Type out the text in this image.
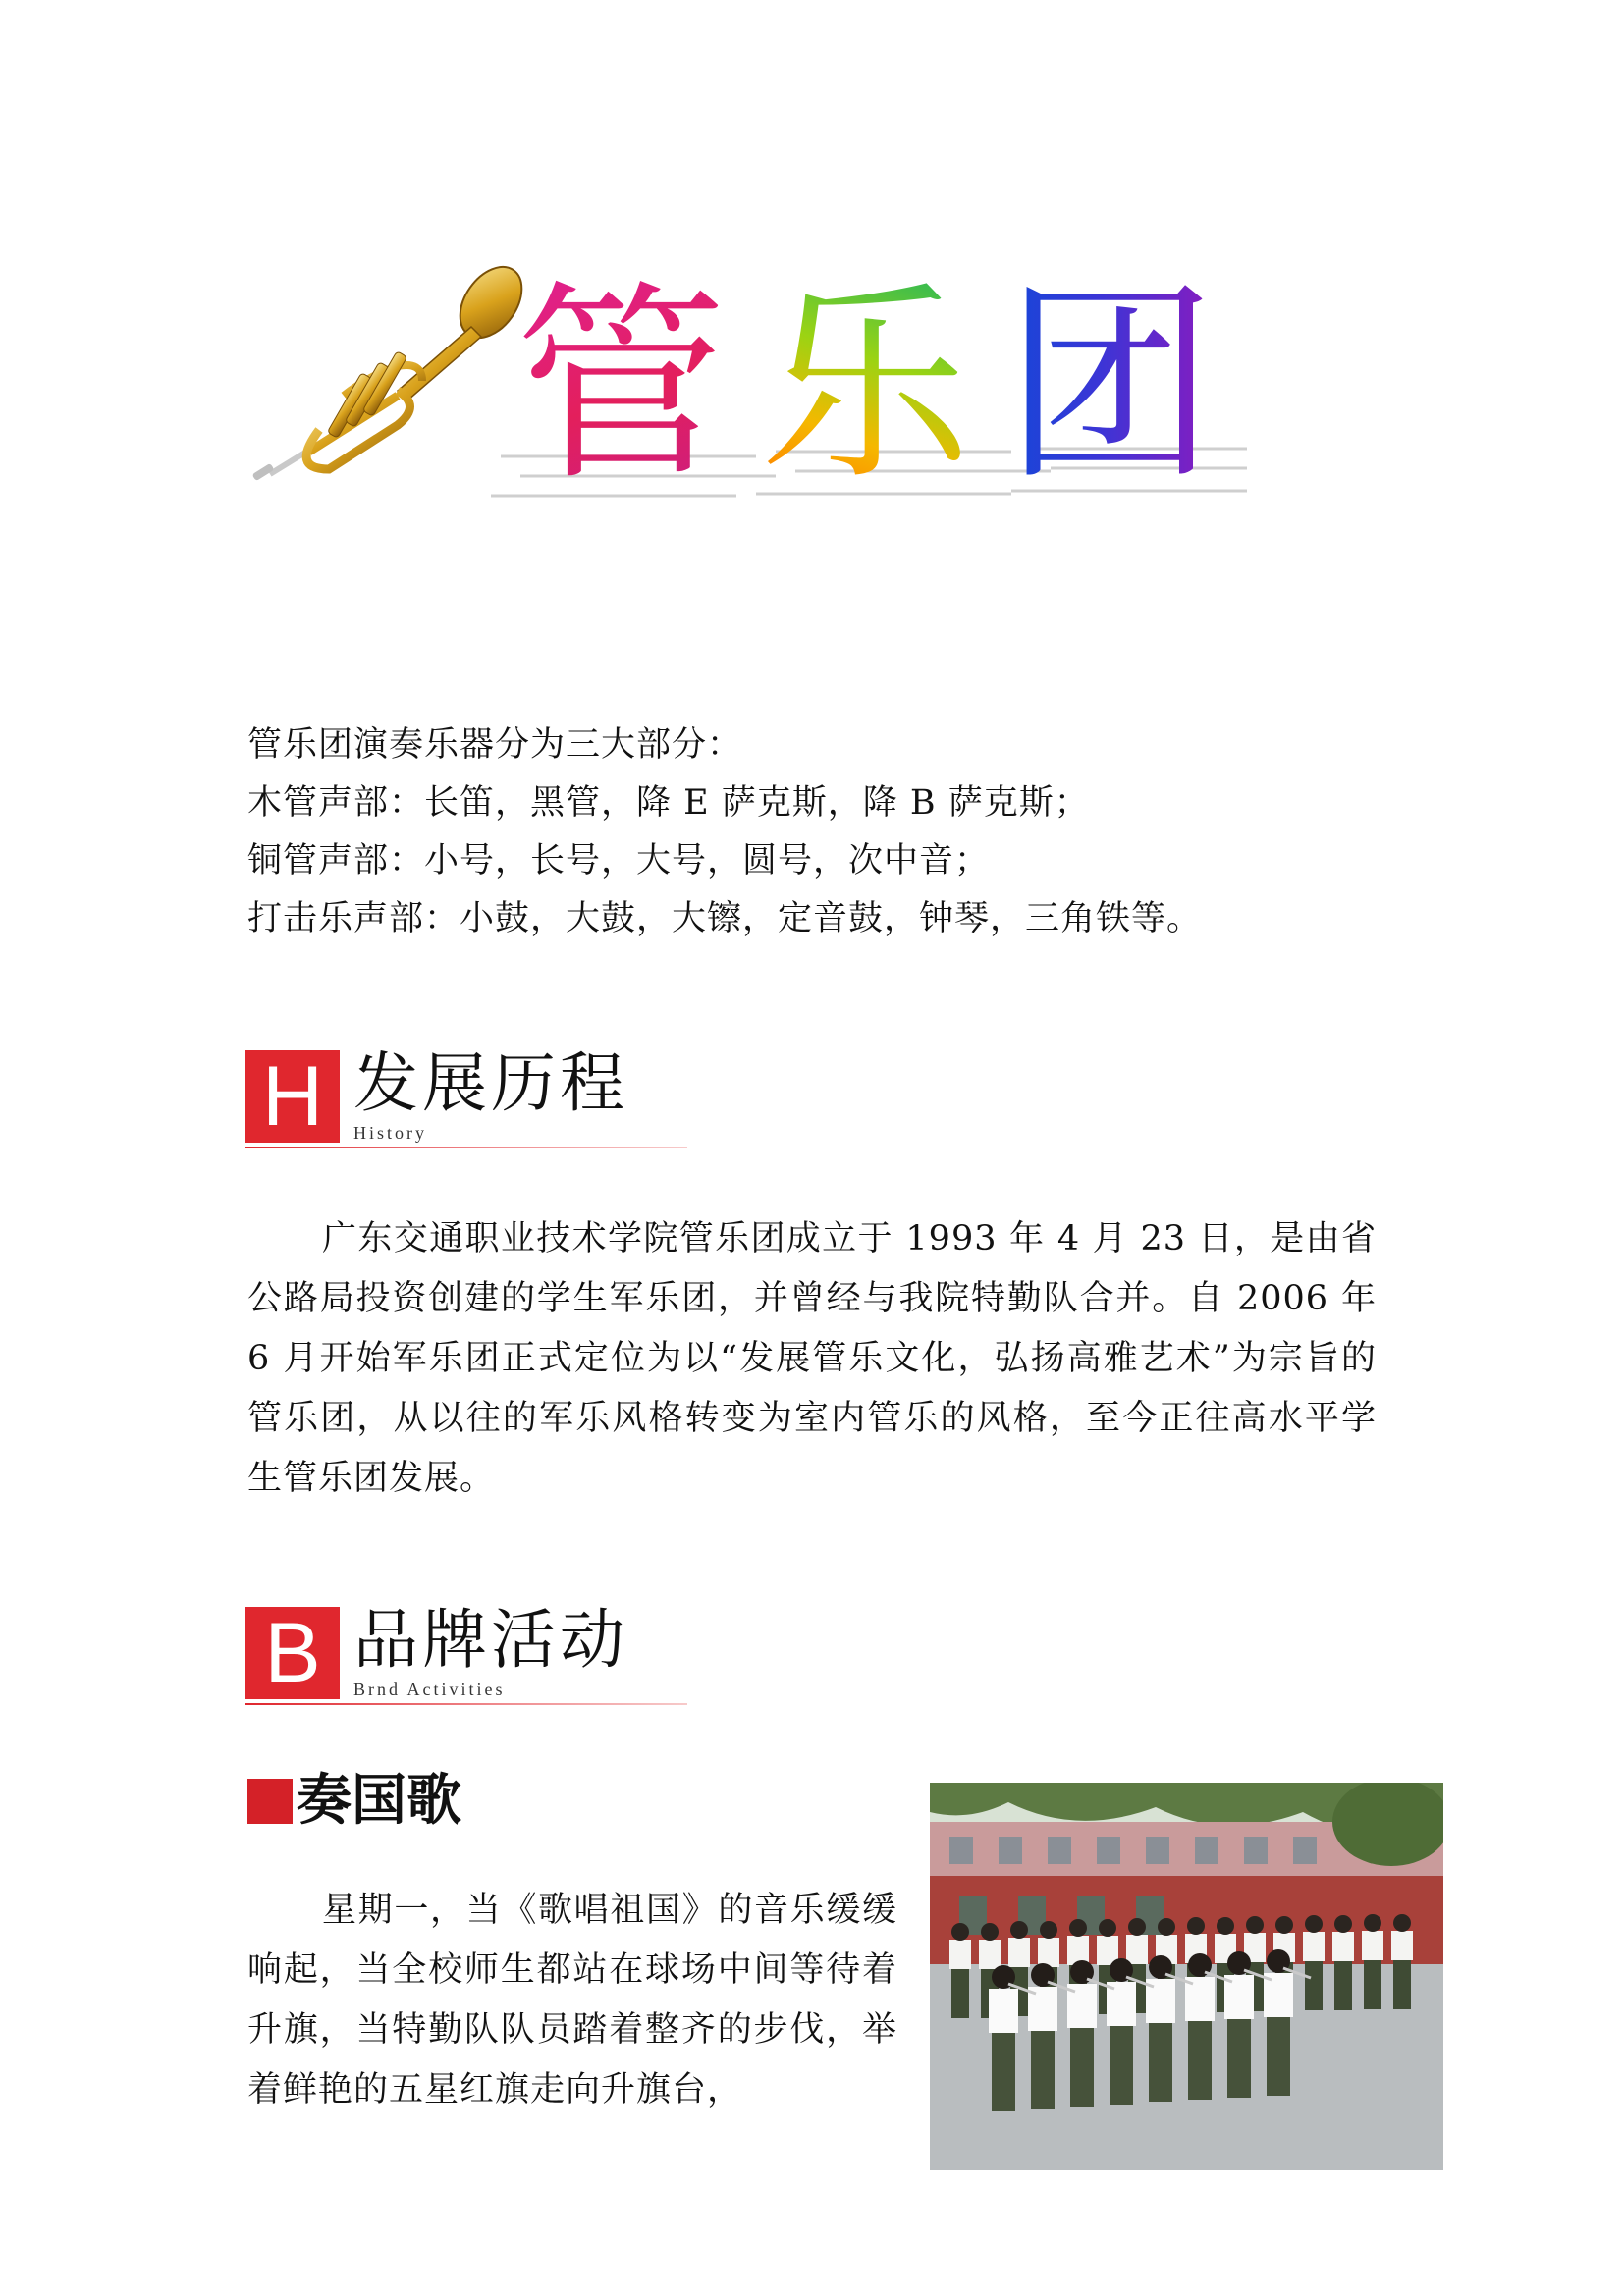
管 乐 团

管乐团演奏乐器分为三大部分：

木管声部：长笛，黑管，降 E 萨克斯，降 B 萨克斯；

铜管声部：小号，长号，大号，圆号，次中音；

打击乐声部：小鼓，大鼓，大镲，定音鼓，钟琴，三角铁等。

H 发展历程
History

广东交通职业技术学院管乐团成立于 1993 年 4 月 23 日，是由省公路局投资创建的学生军乐团，并曾经与我院特勤队合并。自 2006 年 6 月开始军乐团正式定位为以“发展管乐文化，弘扬高雅艺术”为宗旨的管乐团，从以往的军乐风格转变为室内管乐的风格，至今正往高水平学生管乐团发展。

B 品牌活动
Brnd Activities
奏国歌

星期一，当《歌唱祖国》的音乐缓缓响起，当全校师生都站在球场中间等待着升旗，当特勤队队员踏着整齐的步伐，举着鲜艳的五星红旗走向升旗台，
